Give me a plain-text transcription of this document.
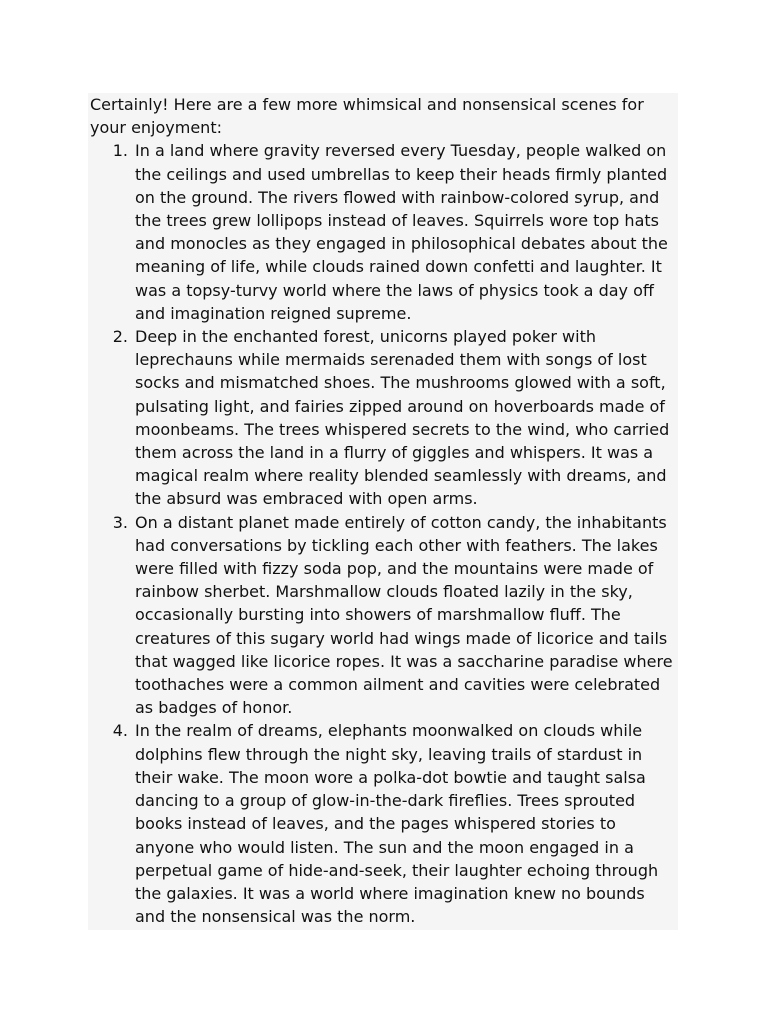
Certainly! Here are a few more whimsical and nonsensical scenes for your enjoyment:

1. In a land where gravity reversed every Tuesday, people walked on the ceilings and used umbrellas to keep their heads firmly planted on the ground. The rivers flowed with rainbow-colored syrup, and the trees grew lollipops instead of leaves. Squirrels wore top hats and monocles as they engaged in philosophical debates about the meaning of life, while clouds rained down confetti and laughter. It was a topsy-turvy world where the laws of physics took a day off and imagination reigned supreme.
2. Deep in the enchanted forest, unicorns played poker with leprechauns while mermaids serenaded them with songs of lost socks and mismatched shoes. The mushrooms glowed with a soft, pulsating light, and fairies zipped around on hoverboards made of moonbeams. The trees whispered secrets to the wind, who carried them across the land in a flurry of giggles and whispers. It was a magical realm where reality blended seamlessly with dreams, and the absurd was embraced with open arms.
3. On a distant planet made entirely of cotton candy, the inhabitants had conversations by tickling each other with feathers. The lakes were filled with fizzy soda pop, and the mountains were made of rainbow sherbet. Marshmallow clouds floated lazily in the sky, occasionally bursting into showers of marshmallow fluff. The creatures of this sugary world had wings made of licorice and tails that wagged like licorice ropes. It was a saccharine paradise where toothaches were a common ailment and cavities were celebrated as badges of honor.
4. In the realm of dreams, elephants moonwalked on clouds while dolphins flew through the night sky, leaving trails of stardust in their wake. The moon wore a polka-dot bowtie and taught salsa dancing to a group of glow-in-the-dark fireflies. Trees sprouted books instead of leaves, and the pages whispered stories to anyone who would listen. The sun and the moon engaged in a perpetual game of hide-and-seek, their laughter echoing through the galaxies. It was a world where imagination knew no bounds and the nonsensical was the norm.
